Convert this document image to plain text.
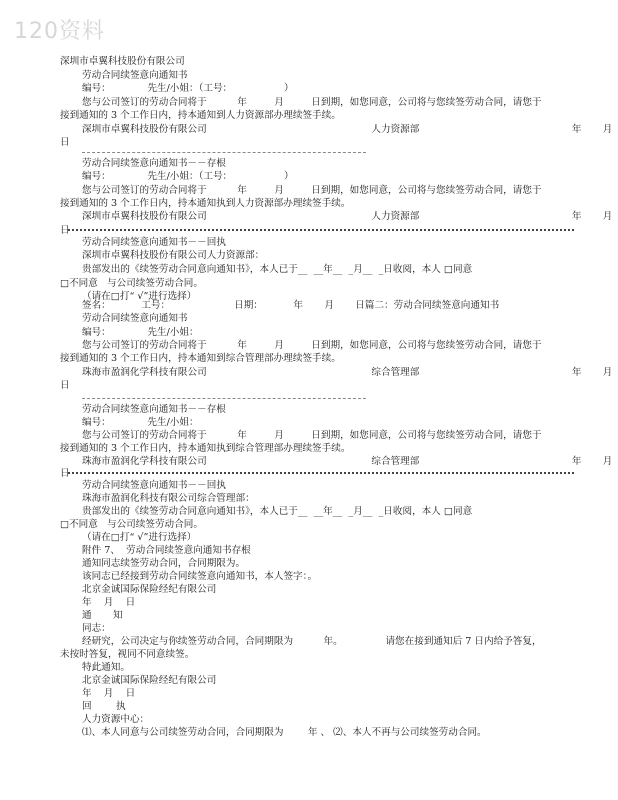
120资料
深圳市卓翼科技股份有限公司
劳动合同续签意向通知书
编号：            先生/小姐：（工号：                 ）
您与公司签订的劳动合同将于          年         月         日到期，如您同意，公司将与您续签劳动合同，请您于
接到通知的 3 个工作日内，持本通知到人力资源部办理续签手续。
深圳市卓翼科技股份有限公司                                                      人力资源部                                                  年       月
日
劳动合同续签意向通知书－－存根
编号：            先生/小姐：（工号：                 ）
您与公司签订的劳动合同将于          年         月         日到期，如您同意，公司将与您续签劳动合同，请您于
接到通知的 3 个工作日内，持本通知执到人力资源部办理续签手续。
深圳市卓翼科技股份有限公司                                                      人力资源部                                                  年       月
日
劳动合同续签意向通知书－－回执
深圳市卓翼科技股份有限公司人力资源部：
贵部发出的《续签劳动合同意向通知书》，本人已于__  __年__  _月__  _日收阅，本人 □同意
□不同意   与公司续签劳动合同。
（请在□打“ √”进行选择）
签名：          工号：                     日期：          年       月       日篇二：劳动合同续签意向通知书
劳动合同续签意向通知书
编号：            先生/小姐：
您与公司签订的劳动合同将于          年         月         日到期，如您同意，公司将与您续签劳动合同，请您于
接到通知的 3 个工作日内，持本通知到综合管理部办理续签手续。
珠海市盈润化学科技有限公司                                                      综合管理部                                                  年       月
日
劳动合同续签意向通知书－－存根
编号：            先生/小姐：
您与公司签订的劳动合同将于          年         月         日到期，如您同意，公司将与您续签劳动合同，请您于
接到通知的 3 个工作日内，持本通知执到综合管理部办理续签手续。
珠海市盈润化学科技有限公司                                                      综合管理部                                                  年       月
日
劳动合同续签意向通知书－－回执
珠海市盈润化科技有限公司综合管理部：
贵部发出的《续签劳动合同意向通知书》，本人已于__  __年__  _月__  _日收阅，本人 □同意
□不同意   与公司续签劳动合同。
（请在□打“ √”进行选择）
附件 7、  劳动合同续签意向通知书存根
通知同志续签劳动合同，合同期限为。
该同志已经接到劳动合同续签意向通知书，本人签字：。
北京金诚国际保险经纪有限公司
年    月    日
通       知
同志：
经研究，公司决定与你续签劳动合同，合同期限为          年。              请您在接到通知后 7 日内给予答复，
未按时答复，视同不同意续签。
特此通知。
北京金诚国际保险经纪有限公司
年    月    日
回        执
人力资源中心：
⑴、本人同意与公司续签劳动合同，合同期限为        年 、 ⑵、本人不再与公司续签劳动合同。
